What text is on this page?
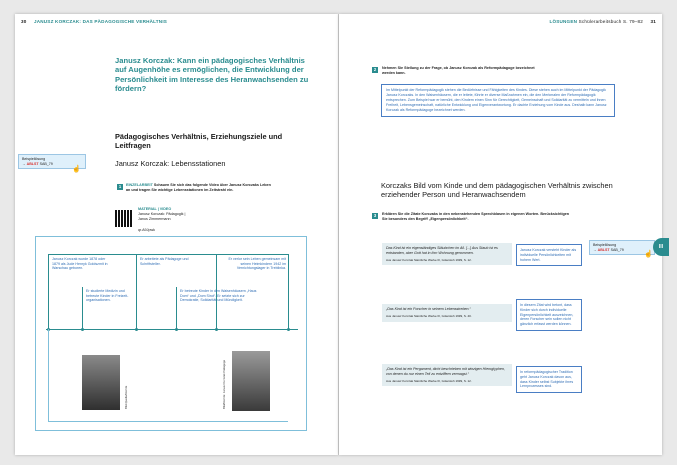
30 JANUSZ KORCZAK: DAS PÄDAGOGISCHE VERHÄLTNIS
Janusz Korczak: Kann ein pädagogisches Verhältnis auf Augenhöhe es ermöglichen, die Entwicklung der Persönlichkeit im Interesse des Heranwachsenden zu fördern?
Pädagogisches Verhältnis, Erziehungsziele und Leitfragen
Janusz Korczak: Lebensstationen
1	EINZELARBEIT Schauen Sie sich das folgende Video über Janusz Korczaks Leben an und tragen Sie wichtige Lebensstationen im Zeitstrahl ein.
MATERIAL | VIDEO
Janusz Korczak: Pädagogik |
Janus Zimmermann
qr.A9Jpwk
Beispiellösung
→ ABLST SAB_79
☝
Janusz Korczak wurde 1878 oder 1879 als Jude Henryk Goldszmit in Warschau geboren.
Er arbeitete als Pädagoge und Schriftsteller.
Er verlor sein Leben gemeinsam mit seinen Heimkindern 1942 im Vernichtungslager in Treblinka.
Er studierte Medizin und betreute Kinder in Freizeit-organisationen.
Er betreute Kinder in den Waisenhäusern „Haus Dom“ und „Dom Sirot“. Er setzte sich zur Demokratie, Solidarität und Mündigkeit.
Bild-Quelle/Rechte	Bild/Rechte: Janusz Korczak Pädagoge
LÖSUNGEN Schülerarbeitsbuch S. 79–82 31
2	Nehmen Sie Stellung zu der Frage, ob Janusz Korczak als Reformpädagoge bezeichnet werden kann.
Im Mittelpunkt der Reformpädagogik stehen die Bedürfnisse und Fähigkeiten des Kindes. Diese stehen auch im Mittelpunkt der Pädagogik Janusz Korczaks. In den Waisenhäusern, die er leitete, führte er diverse Maßnahmen ein, die den Merkmalen der Reformpädagogik entsprechen. Zum Beispiel war er bemüht, den Kindern einen Sinn für Gerechtigkeit, Gemeinschaft und Solidarität zu vermitteln und ihnen Freiheit, Lebensgemeinschaft, natürliche Entwicklung und Eigenverantwortung. Er dachte Erziehung vom Kinde aus. Deshalb kann Janusz Korczak als Reformpädagoge bezeichnet werden.
Korczaks Bild vom Kinde und dem pädagogischen Verhältnis zwischen erziehender Person und Heranwachsendem
3	Erklären Sie die Zitate Korczaks in den nebenstehenden Sprechblasen in eigenen Worten. Berücksichtigen Sie besonders den Begriff „Eigenpersönlichkeit“.
Das Kind ist ein eigenständiges Stäubchen im All. [...] Aus Staub ist es entstanden, aber Gott hat in ihm Wohnung genommen.
Aus Janusz Korczak Sämtliche Werke III, Gütersloh 1999, S. 12.
Janusz Korczak versteht Kinder als individuelle Persönlichkeiten mit hohem Wert.
„Das Kind ist ein Forscher in seinem Lebensstreben.“
Aus Janusz Korczak Sämtliche Werke III, Gütersloh 1999, S. 40.
In diesem Zitat wird betont, dass Kinder sich durch individuelle Eigenpersönlichkeit auszeichnen, deren Forscher sein sollen nicht gänzlich erfasst werden können.
„Das Kind ist ein Pergament, dicht beschrieben mit winzigen Hieroglyphen, von denen du nur einen Teil zu entziffern vermagst.“
Aus Janusz Korczak Sämtliche Werke III, Gütersloh 1999, S. 12.
In reformpädagogischer Tradition geht Janusz Korczak davon aus, dass Kinder selbst Subjekte ihres Lernprozesses sind.
Beispiellösung
→ ABLST SAB_79
☝
III
